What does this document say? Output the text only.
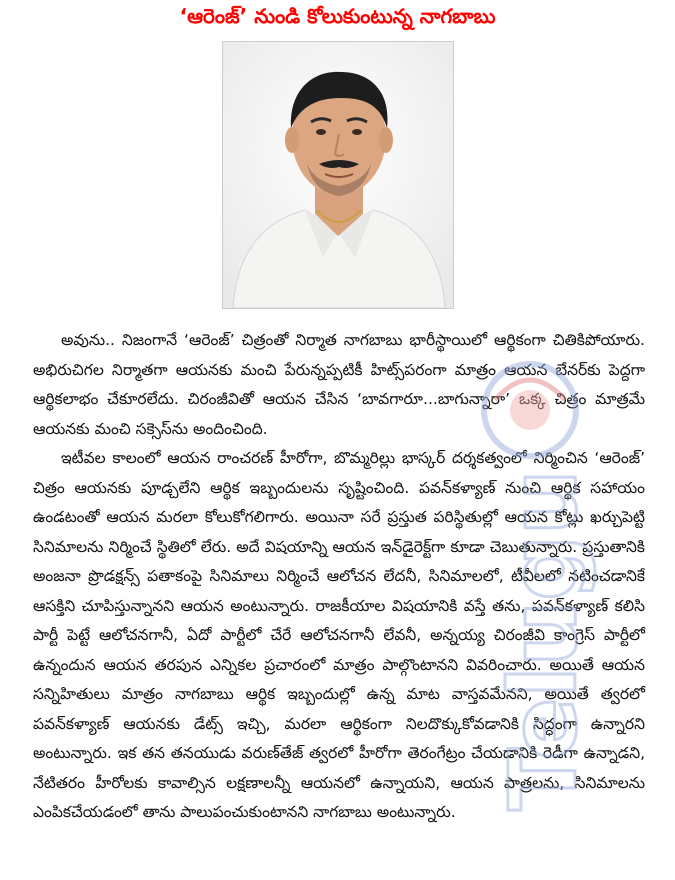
‘ఆరెంజ్’ నుండి కోలుకుంటున్న నాగబాబు

అవును.. నిజంగానే ‘ఆరెంజ్’ చిత్రంతో నిర్మాత నాగబాబు భారీస్థాయిలో ఆర్థికంగా చితికిపోయారు. అభిరుచిగల నిర్మాతగా ఆయనకు మంచి పేరున్నప్పటికీ హిట్స్‌పరంగా మాత్రం ఆయన బేనర్‌కు పెద్దగా ఆర్థికలాభం చేకూరలేదు. చిరంజీవితో ఆయన చేసిన ‘బావగారూ...బాగున్నారా’ ఒక్క చిత్రం మాత్రమే ఆయనకు మంచి సక్సెస్‌ను అందించింది.

ఇటీవల కాలంలో ఆయన రాంచరణ్ హీరోగా, బొమ్మరిల్లు భాస్కర్ దర్శకత్వంలో నిర్మించిన ‘ఆరెంజ్’ చిత్రం ఆయనకు పూడ్చలేని ఆర్థిక ఇబ్బందులను సృష్టించింది. పవన్‌కళ్యాణ్ నుంచి ఆర్థిక సహాయం ఉండటంతో ఆయన మరలా కోలుకోగలిగారు. అయినా సరే ప్రస్తుత పరిస్థితుల్లో ఆయన కోట్లు ఖర్చుపెట్టి సినిమాలను నిర్మించే స్థితిలో లేరు. అదే విషయాన్ని ఆయన ఇన్‌డైరెక్ట్‌గా కూడా చెబుతున్నారు. ప్రస్తుతానికి అంజనా ప్రొడక్షన్స్ పతాకంపై సినిమాలు నిర్మించే ఆలోచన లేదనీ, సినిమాలలో, టీవీలలో నటించడానికే ఆసక్తిని చూపిస్తున్నానని ఆయన అంటున్నారు. రాజకీయాల విషయానికి వస్తే తను, పవన్‌కళ్యాణ్ కలిసి పార్టీ పెట్టే ఆలోచనగానీ, ఏదో పార్టీలో చేరే ఆలోచనగానీ లేవనీ, అన్నయ్య చిరంజీవి కాంగ్రెస్ పార్టీలో ఉన్నందున ఆయన తరపున ఎన్నికల ప్రచారంలో మాత్రం పాల్గొంటానని వివరించారు. అయితే ఆయన సన్నిహితులు మాత్రం నాగబాబు ఆర్థిక ఇబ్బందుల్లో ఉన్న మాట వాస్తవమేనని, అయితే త్వరలో పవన్‌కళ్యాణ్ ఆయనకు డేట్స్ ఇచ్చి, మరలా ఆర్థికంగా నిలదొక్కుకోవడానికి సిద్ధంగా ఉన్నారని అంటున్నారు. ఇక తన తనయుడు వరుణ్‌తేజ్ త్వరలో హీరోగా తెరంగేట్రం చేయడానికి రెడీగా ఉన్నాడని, నేటితరం హీరోలకు కావాల్సిన లక్షణాలన్నీ ఆయనలో ఉన్నాయని, ఆయన పాత్రలను, సినిమాలను ఎంపికచేయడంలో తాను పాలుపంచుకుంటానని నాగబాబు అంటున్నారు.

Telugu
